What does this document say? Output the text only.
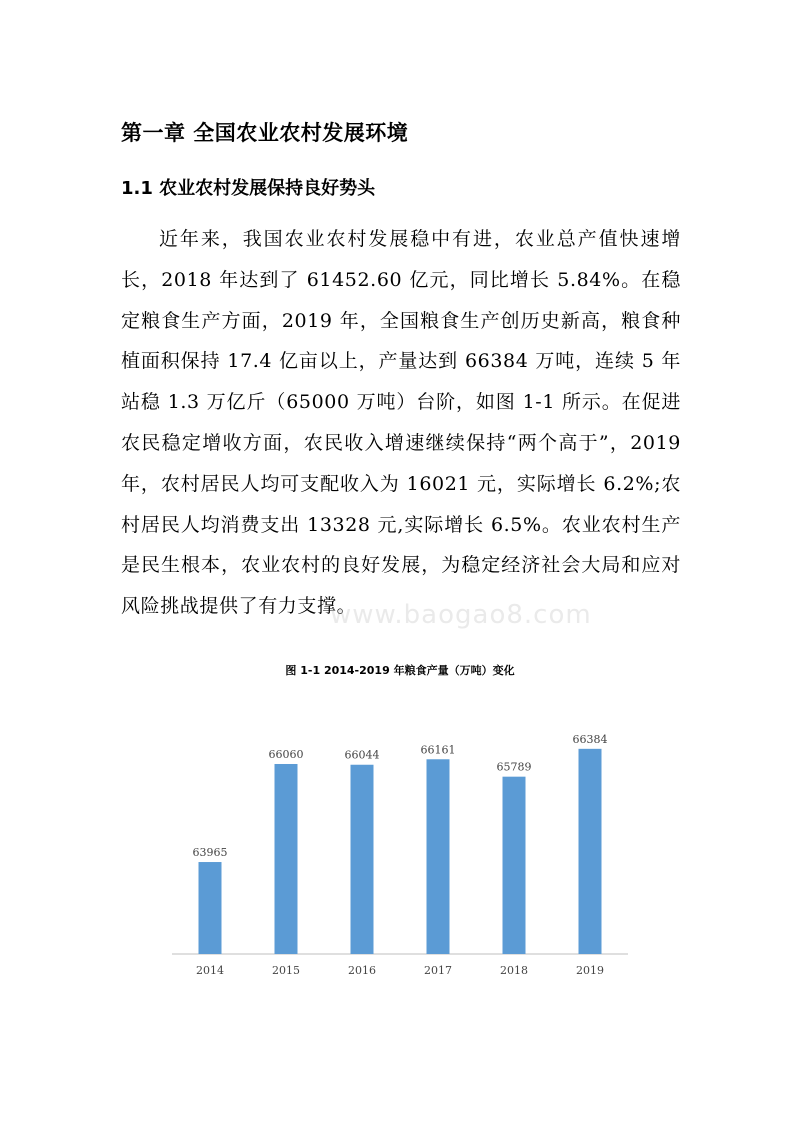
第一章 全国农业农村发展环境
1.1 农业农村发展保持良好势头
近年来，我国农业农村发展稳中有进，农业总产值快速增长，2018 年达到了 61452.60 亿元，同比增长 5.84%。在稳定粮食生产方面，2019 年，全国粮食生产创历史新高，粮食种植面积保持 17.4 亿亩以上，产量达到 66384 万吨，连续 5 年站稳 1.3 万亿斤（65000 万吨）台阶，如图 1-1 所示。在促进农民稳定增收方面，农民收入增速继续保持“两个高于”，2019 年，农村居民人均可支配收入为 16021 元，实际增长 6.2%;农村居民人均消费支出 13328 元,实际增长 6.5%。农业农村生产是民生根本，农业农村的良好发展，为稳定经济社会大局和应对风险挑战提供了有力支撑。
www.baogao8.com
图 1-1 2014-2019 年粮食产量（万吨）变化
63965
2014
66060
2015
66044
2016
66161
2017
65789
2018
66384
2019
